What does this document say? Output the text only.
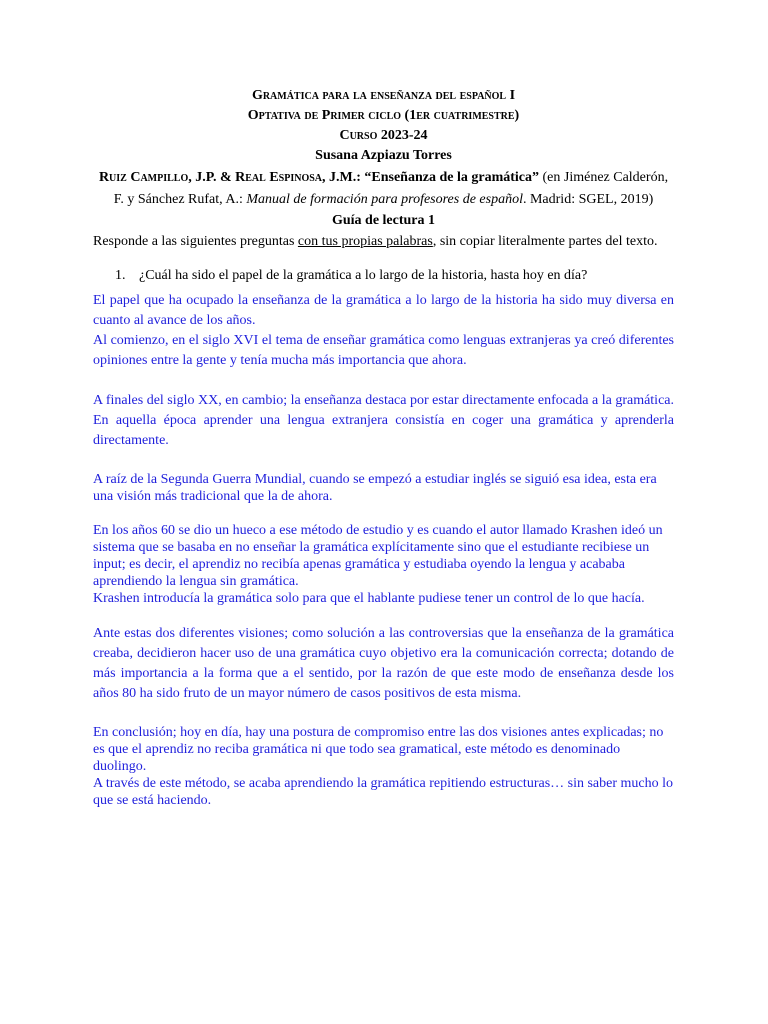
Gramática para la enseñanza del español I
Optativa de Primer ciclo (1er cuatrimestre)
Curso 2023-24
Susana Azpiazu Torres
Ruiz Campillo, J.P. & Real Espinosa, J.M.: “Enseñanza de la gramática” (en Jiménez Calderón, F. y Sánchez Rufat, A.: Manual de formación para profesores de español. Madrid: SGEL, 2019)
Guía de lectura 1

Responde a las siguientes preguntas con tus propias palabras, sin copiar literalmente partes del texto.

1. ¿Cuál ha sido el papel de la gramática a lo largo de la historia, hasta hoy en día?

El papel que ha ocupado la enseñanza de la gramática a lo largo de la historia ha sido muy diversa en cuanto al avance de los años.

Al comienzo, en el siglo XVI el tema de enseñar gramática como lenguas extranjeras ya creó diferentes opiniones entre la gente y tenía mucha más importancia que ahora.

A finales del siglo XX, en cambio; la enseñanza destaca por estar directamente enfocada a la gramática. En aquella época aprender una lengua extranjera consistía en coger una gramática y aprenderla directamente.

A raíz de la Segunda Guerra Mundial, cuando se empezó a estudiar inglés se siguió esa idea, esta era una visión más tradicional que la de ahora.

En los años 60 se dio un hueco a ese método de estudio y es cuando el autor llamado Krashen ideó un sistema que se basaba en no enseñar la gramática explícitamente sino que el estudiante recibiese un input; es decir, el aprendiz no recibía apenas gramática y estudiaba oyendo la lengua y acababa aprendiendo la lengua sin gramática.

Krashen introducía la gramática solo para que el hablante pudiese tener un control de lo que hacía.

Ante estas dos diferentes visiones; como solución a las controversias que la enseñanza de la gramática creaba, decidieron hacer uso de una gramática cuyo objetivo era la comunicación correcta; dotando de más importancia a la forma que a el sentido, por la razón de que este modo de enseñanza desde los años 80 ha sido fruto de un mayor número de casos positivos de esta misma.

En conclusión; hoy en día, hay una postura de compromiso entre las dos visiones antes explicadas; no es que el aprendiz no reciba gramática ni que todo sea gramatical, este método es denominado duolingo.

A través de este método, se acaba aprendiendo la gramática repitiendo estructuras… sin saber mucho lo que se está haciendo.
